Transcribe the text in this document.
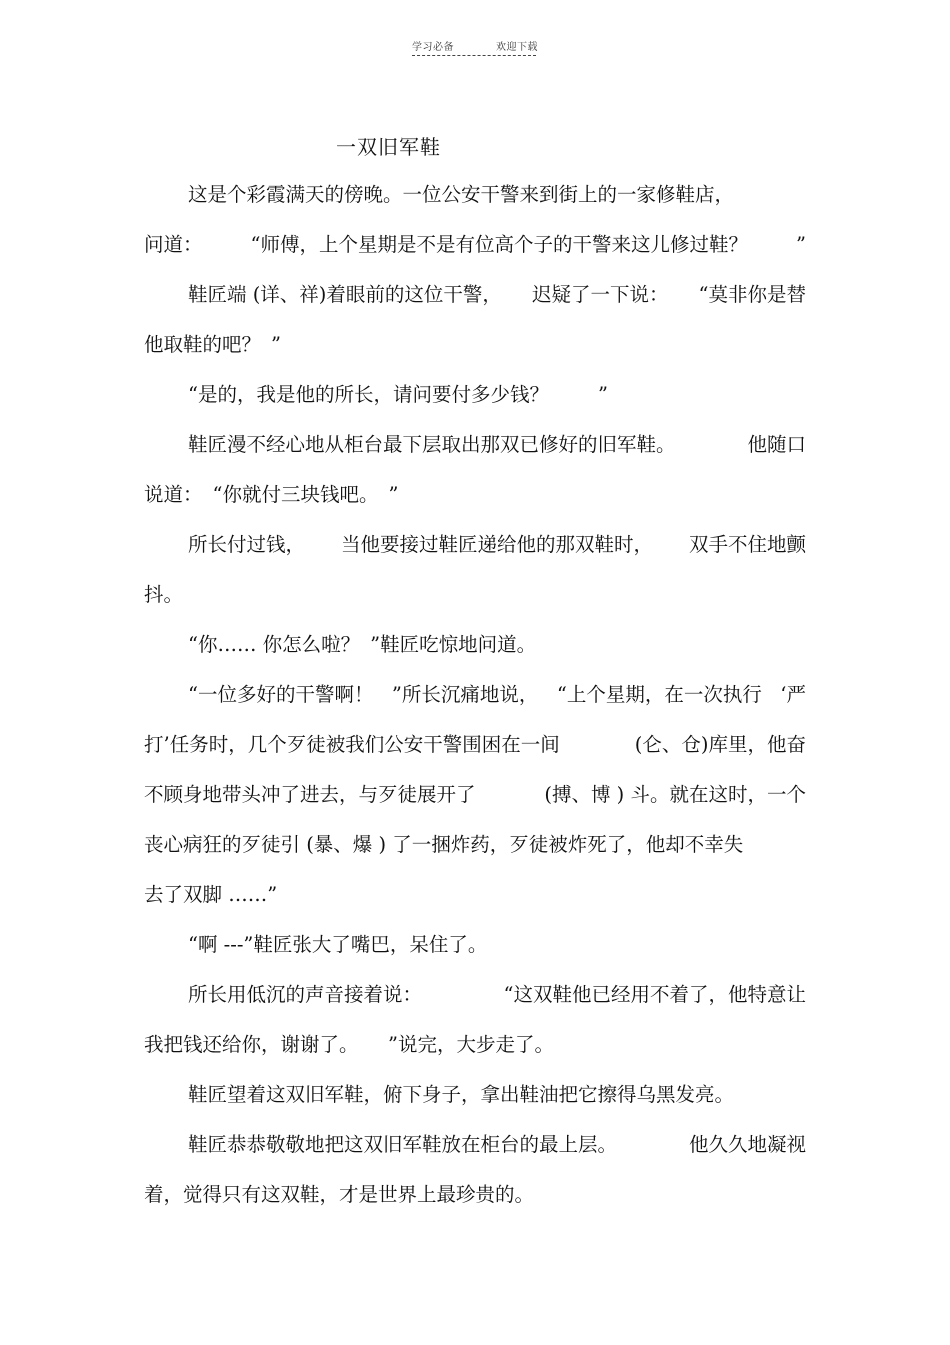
学习必备	欢迎下载
一双旧军鞋
这是个彩霞满天的傍晚。一位公安干警来到街上的一家修鞋店，
问道： “师傅，上个星期是不是有位高个子的干警来这儿修过鞋？ ”
鞋匠端 (详、祥)着眼前的这位干警， 迟疑了一下说： “莫非你是替
他取鞋的吧？ ”
“是的，我是他的所长，请问要付多少钱？ 　　”
鞋匠漫不经心地从柜台最下层取出那双已修好的旧军鞋。	他随口
说道： “你就付三块钱吧。 ”
所长付过钱， 当他要接过鞋匠递给他的那双鞋时， 双手不住地颤
抖。
“你…… 你怎么啦？ ”鞋匠吃惊地问道。
“一位多好的干警啊！ ”所长沉痛地说， “上个星期，在一次执行 ‘严
打’任务时，几个歹徒被我们公安干警围困在一间	(仑、仓)库里，他奋
不顾身地带头冲了进去，与歹徒展开了	(搏、博 ) 斗。就在这时，一个
丧心病狂的歹徒引 (暴、爆 ) 了一捆炸药，歹徒被炸死了，他却不幸失
去了双脚 ……”
“啊 ---”鞋匠张大了嘴巴，呆住了。
所长用低沉的声音接着说：	“这双鞋他已经用不着了，他特意让
我把钱还给你，谢谢了。 　”说完，大步走了。
鞋匠望着这双旧军鞋，俯下身子，拿出鞋油把它擦得乌黑发亮。
鞋匠恭恭敬敬地把这双旧军鞋放在柜台的最上层。	他久久地凝视
着，觉得只有这双鞋，才是世界上最珍贵的。
